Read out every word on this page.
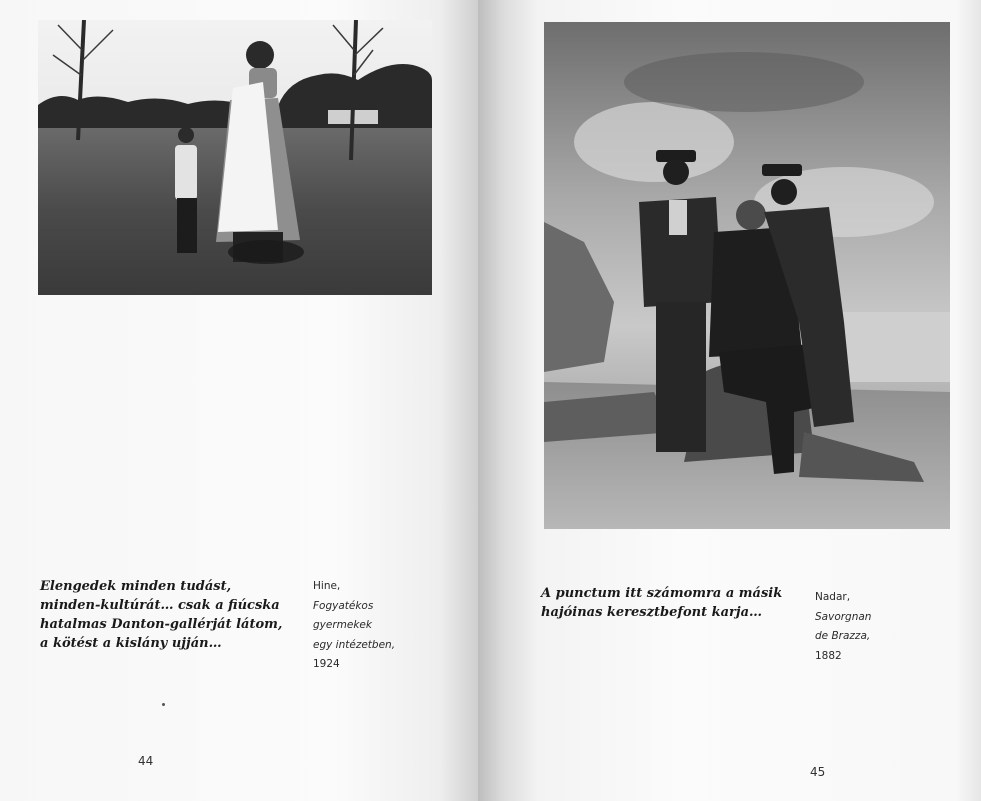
Elengedek minden tudást, minden-kultúrát… csak a fiúcska hatalmas Danton-gallérját látom, a kötést a kislány ujján…
Hine,
Fogyatékos
gyermekek
egy intézetben,
1924
44
A punctum itt számomra a másik hajóinas keresztbefont karja…
Nadar,
Savorgnan
de Brazza,
1882
45
